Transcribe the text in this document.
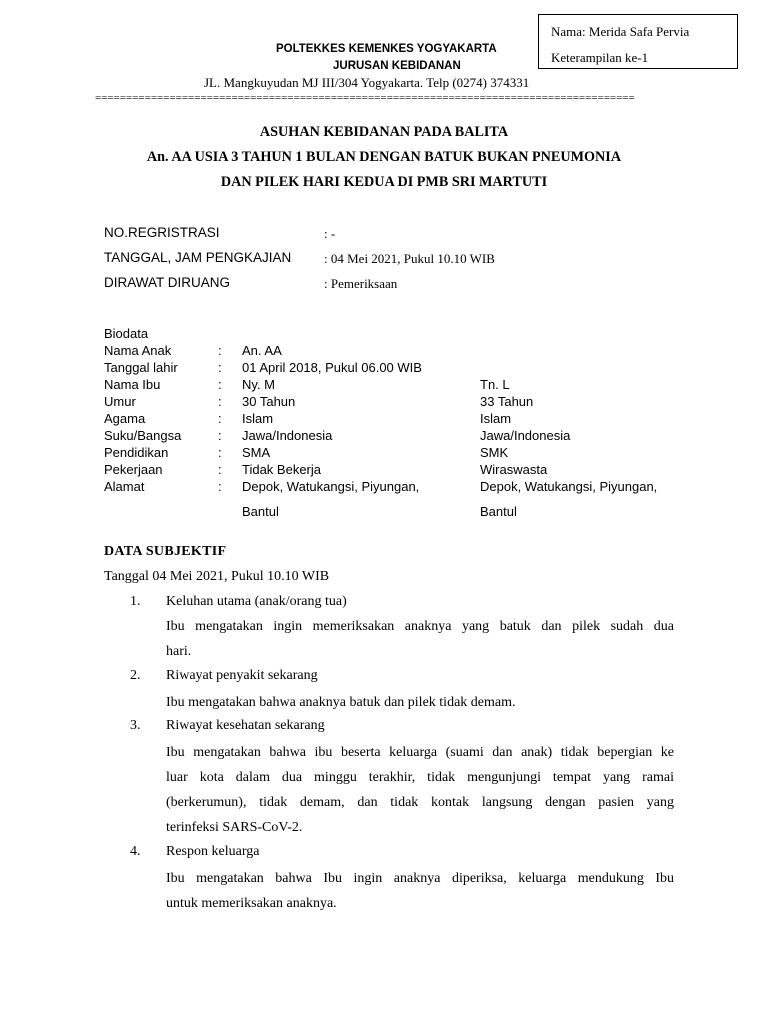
Nama: Merida Safa Pervia
Keterampilan ke-1
POLTEKKES KEMENKES YOGYAKARTA
JURUSAN KEBIDANAN
JL. Mangkuyudan MJ III/304 Yogyakarta. Telp (0274) 374331
=======================================================================================
ASUHAN KEBIDANAN PADA BALITA
An. AA USIA 3 TAHUN 1 BULAN DENGAN BATUK BUKAN PNEUMONIA
DAN PILEK HARI KEDUA DI PMB SRI MARTUTI
NO.REGRISTRASI	: -
TANGGAL, JAM PENGKAJIAN	: 04 Mei 2021, Pukul 10.10 WIB
DIRAWAT DIRUANG	: Pemeriksaan
Biodata
Nama Anak	: An. AA
Tanggal lahir	: 01 April 2018, Pukul 06.00 WIB
Nama Ibu	: Ny. M	Tn. L
Umur	: 30 Tahun	33 Tahun
Agama	: Islam	Islam
Suku/Bangsa	: Jawa/Indonesia	Jawa/Indonesia
Pendidikan	: SMA	SMK
Pekerjaan	: Tidak Bekerja	Wiraswasta
Alamat	: Depok, Watukangsi, Piyungan,	Depok, Watukangsi, Piyungan,
Bantul	Bantul
DATA SUBJEKTIF
Tanggal 04 Mei 2021, Pukul 10.10 WIB
1. Keluhan utama (anak/orang tua)
Ibu mengatakan ingin memeriksakan anaknya yang batuk dan pilek sudah dua
hari.
2. Riwayat penyakit sekarang
Ibu mengatakan bahwa anaknya batuk dan pilek tidak demam.
3. Riwayat kesehatan sekarang
Ibu mengatakan bahwa ibu beserta keluarga (suami dan anak) tidak bepergian ke
luar kota dalam dua minggu terakhir, tidak mengunjungi tempat yang ramai
(berkerumun), tidak demam, dan tidak kontak langsung dengan pasien yang
terinfeksi SARS-CoV-2.
4. Respon keluarga
Ibu mengatakan bahwa Ibu ingin anaknya diperiksa, keluarga mendukung Ibu
untuk memeriksakan anaknya.
